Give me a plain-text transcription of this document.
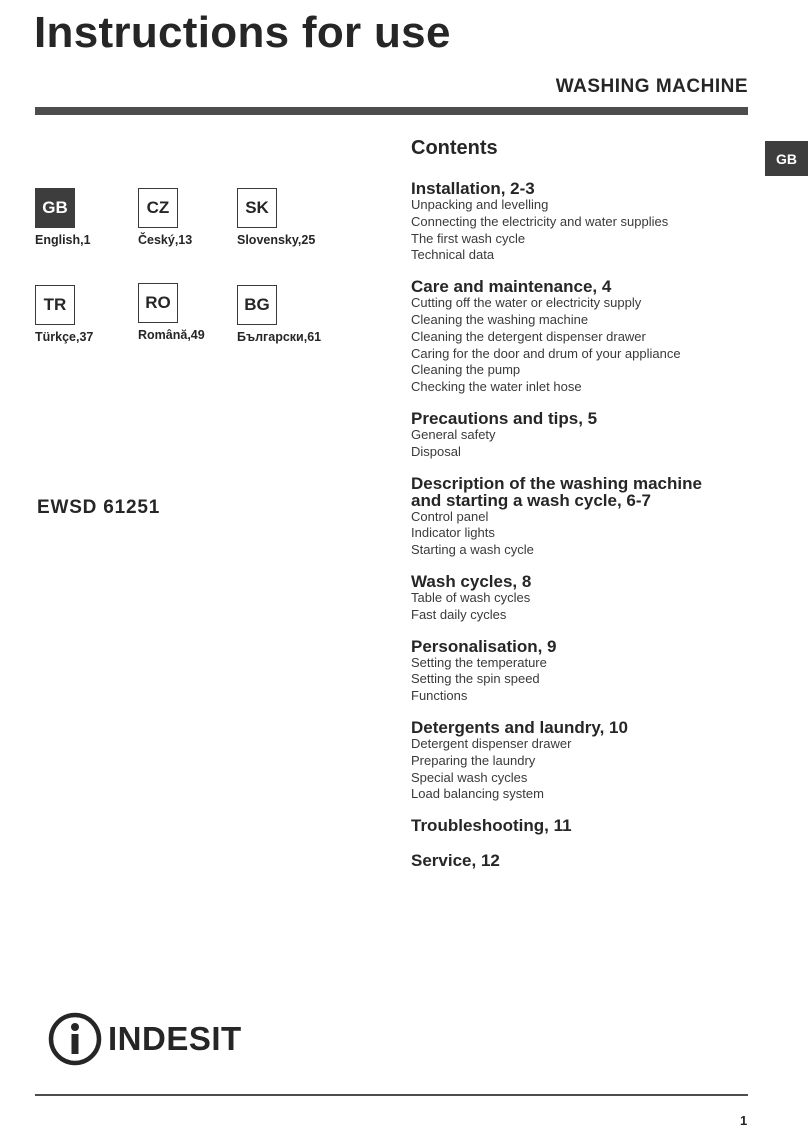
Instructions for use
WASHING MACHINE
GB
GB
English,1
CZ
Český,13
SK
Slovensky,25
TR
Türkçe,37
RO
Română,49
BG
Български,61
EWSD 61251
Contents
Installation, 2-3
Unpacking and levelling
Connecting the electricity and water supplies
The first wash cycle
Technical data
Care and maintenance, 4
Cutting off the water or electricity supply
Cleaning the washing machine
Cleaning the detergent dispenser drawer
Caring for the door and drum of your appliance
Cleaning the pump
Checking the water inlet hose
Precautions and tips, 5
General safety
Disposal
Description of the washing machine
and starting a wash cycle, 6-7
Control panel
Indicator lights
Starting a wash cycle
Wash cycles, 8
Table of wash cycles
Fast daily cycles
Personalisation, 9
Setting the temperature
Setting the spin speed
Functions
Detergents and laundry, 10
Detergent dispenser drawer
Preparing the laundry
Special wash cycles
Load balancing system
Troubleshooting, 11
Service, 12
INDESIT
1
